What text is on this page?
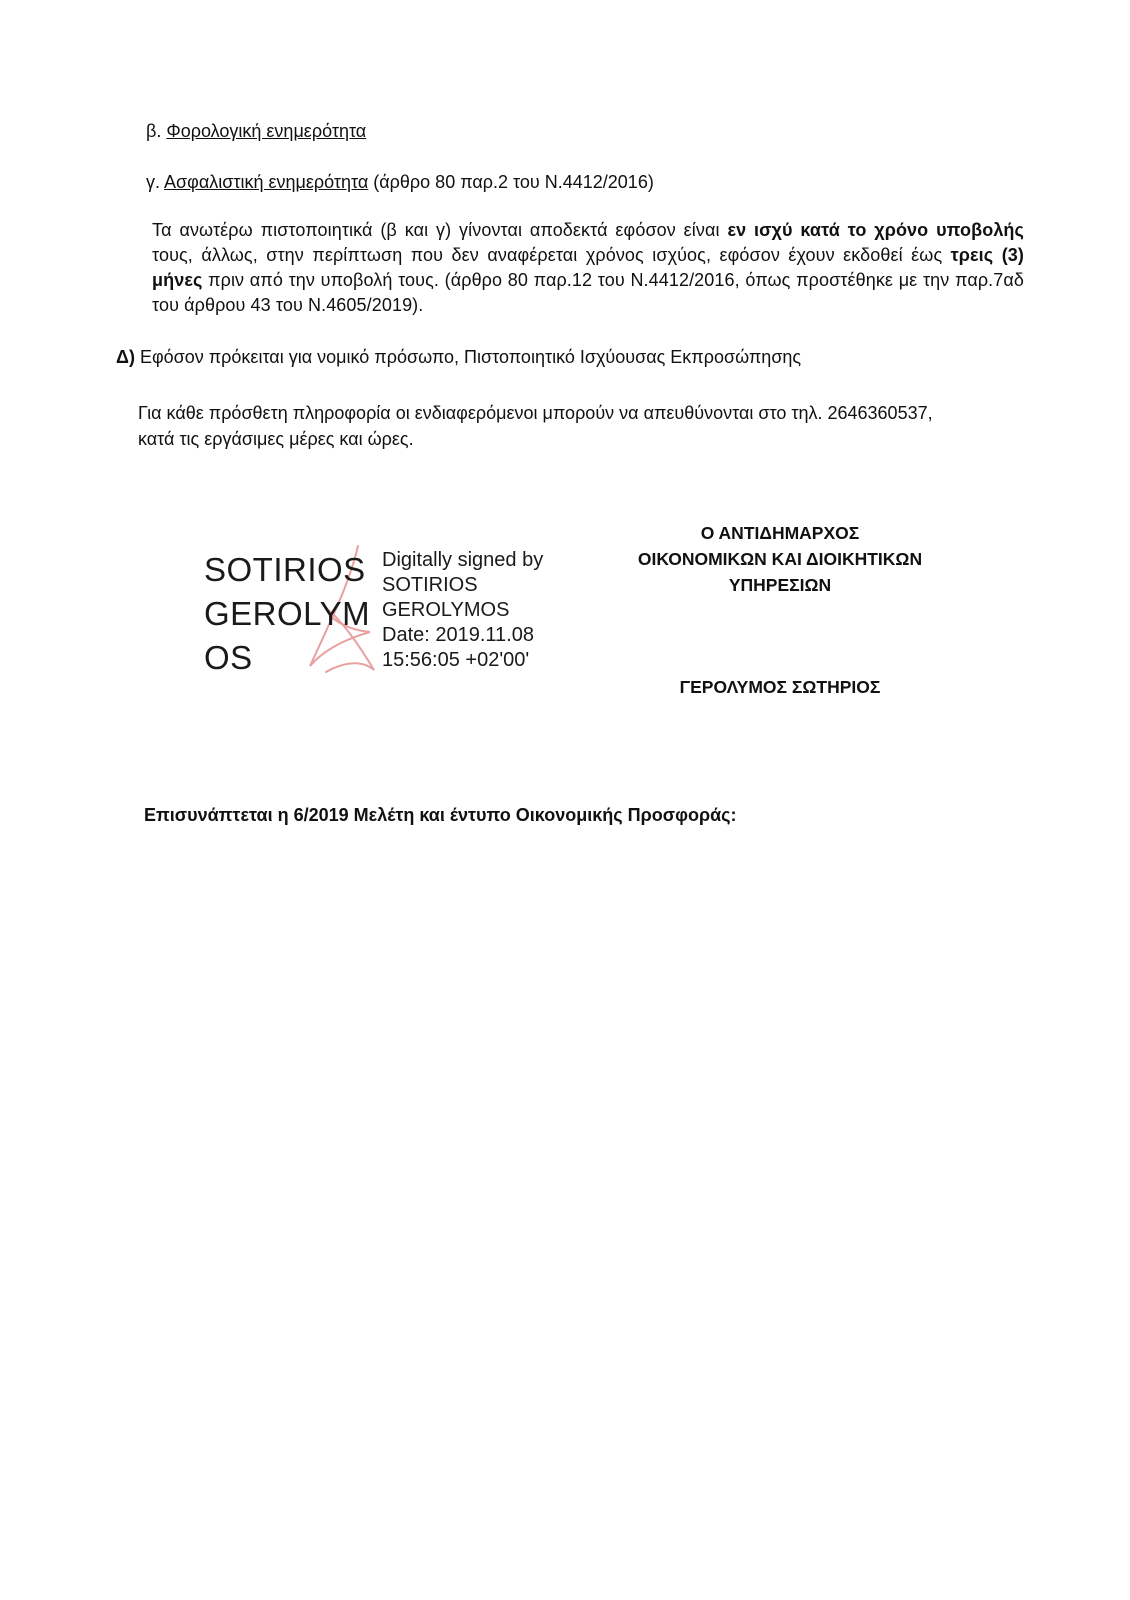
β. Φορολογική ενημερότητα
γ. Ασφαλιστική ενημερότητα (άρθρο 80 παρ.2 του Ν.4412/2016)
Τα ανωτέρω πιστοποιητικά (β και γ) γίνονται αποδεκτά εφόσον είναι εν ισχύ κατά το χρόνο υποβολής τους, άλλως, στην περίπτωση που δεν αναφέρεται χρόνος ισχύος, εφόσον έχουν εκδοθεί έως τρεις (3) μήνες πριν από την υποβολή τους. (άρθρο 80 παρ.12 του Ν.4412/2016, όπως προστέθηκε με την παρ.7αδ του άρθρου 43 του Ν.4605/2019).
Δ) Εφόσον πρόκειται για νομικό πρόσωπο, Πιστοποιητικό Ισχύουσας Εκπροσώπησης
Για κάθε πρόσθετη πληροφορία οι ενδιαφερόμενοι μπορούν να απευθύνονται στο τηλ. 2646360537,
κατά τις εργάσιμες μέρες και ώρες.
SOTIRIOS
GEROLYM
OS
Digitally signed by
SOTIRIOS
GEROLYMOS
Date: 2019.11.08
15:56:05 +02'00'
Ο ΑΝΤΙΔΗΜΑΡΧΟΣ
ΟΙΚΟΝΟΜΙΚΩΝ ΚΑΙ ΔΙΟΙΚΗΤΙΚΩΝ
ΥΠΗΡΕΣΙΩΝ
ΓΕΡΟΛΥΜΟΣ ΣΩΤΗΡΙΟΣ
Επισυνάπτεται η 6/2019 Μελέτη και έντυπο Οικονομικής Προσφοράς:
